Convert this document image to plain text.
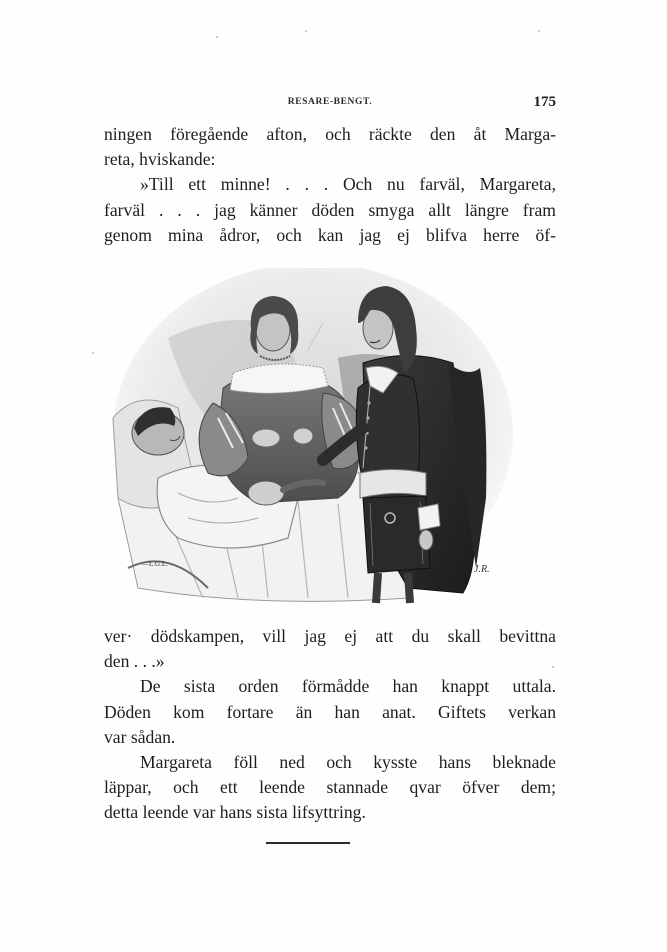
RESARE-BENGT.	175
ningen föregående afton, och räckte den åt Marga-
reta, hviskande:
»Till ett minne! . . . Och nu farväl, Margareta,
farväl . . . jag känner döden smyga allt längre fram
genom mina ådror, och kan jag ej blifva herre öf-
—L.G.L.	J.R.
ver· dödskampen, vill jag ej att du skall bevittna
den . . .»
De sista orden förmådde han knappt uttala.
Döden kom fortare än han anat. Giftets verkan
var sådan.
Margareta föll ned och kysste hans bleknade
läppar, och ett leende stannade qvar öfver dem;
detta leende var hans sista lifsyttring.
